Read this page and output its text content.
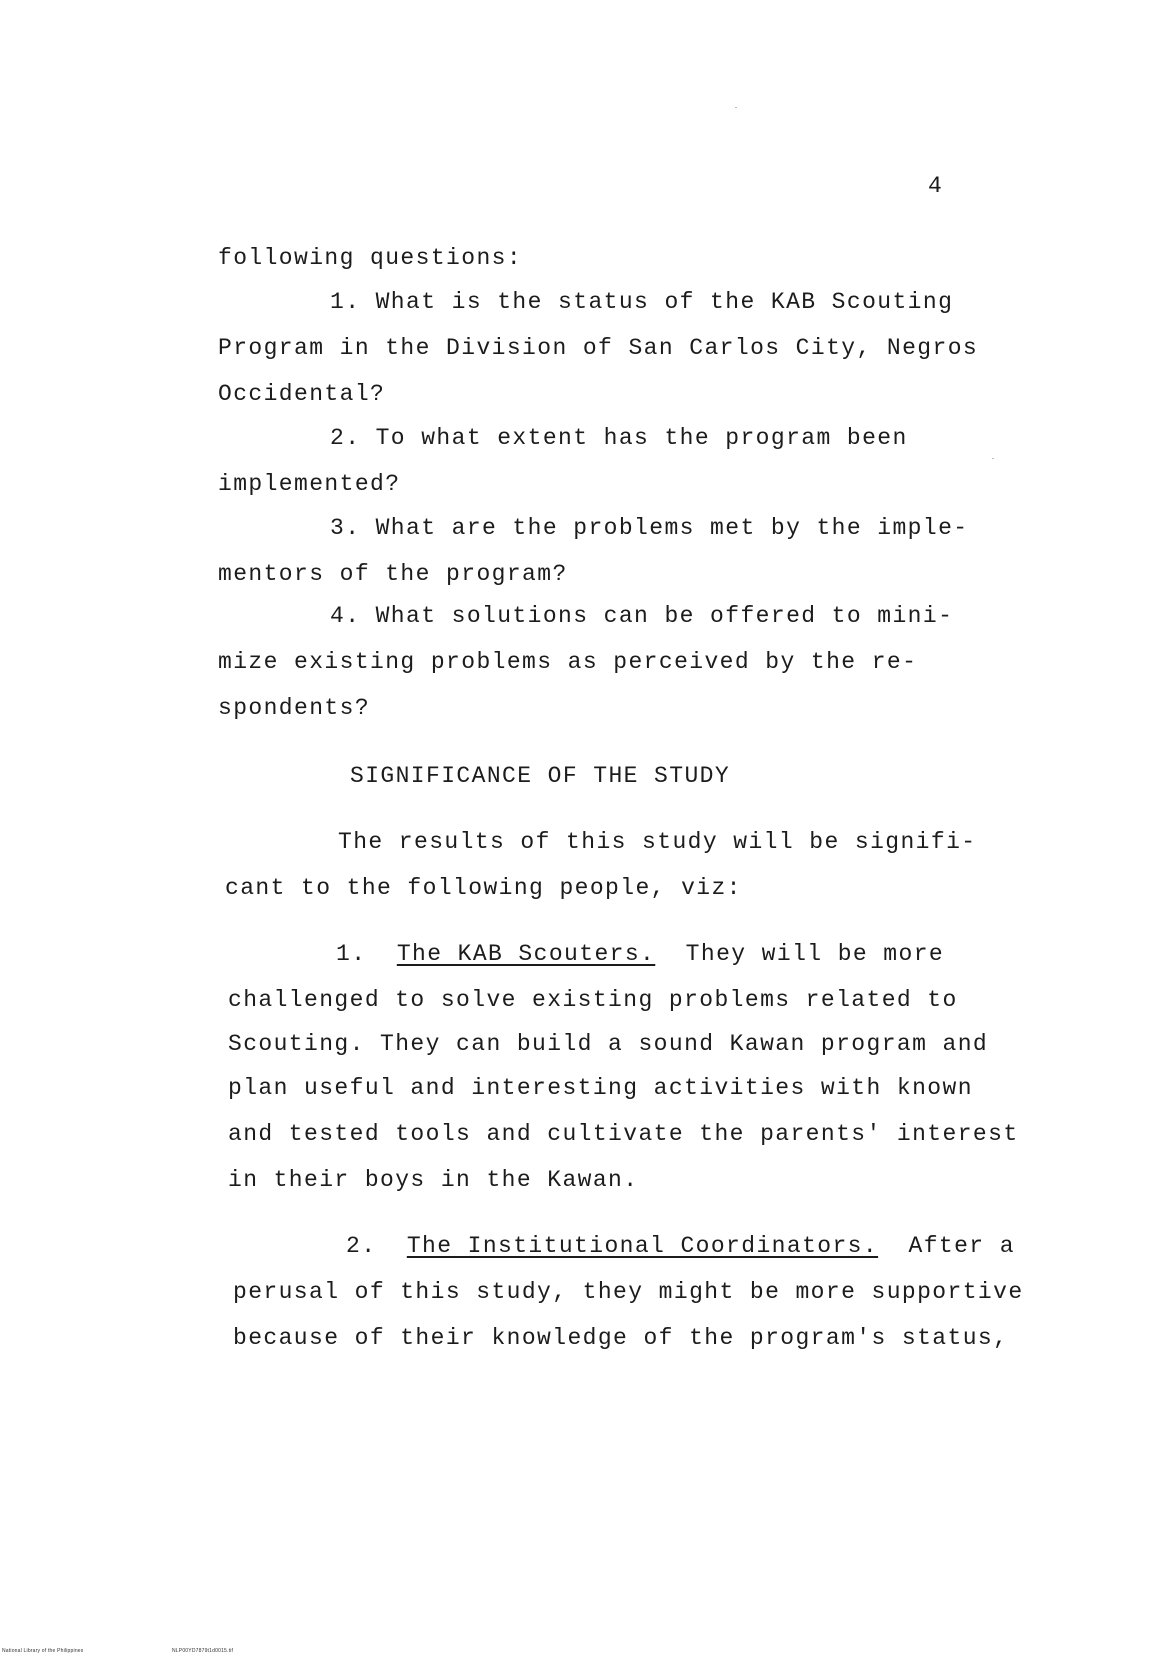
4
following questions:
1. What is the status of the KAB Scouting
Program in the Division of San Carlos City, Negros
Occidental?
2. To what extent has the program been
implemented?
3. What are the problems met by the imple-
mentors of the program?
4. What solutions can be offered to mini-
mize existing problems as perceived by the re-
spondents?
SIGNIFICANCE OF THE STUDY
The results of this study will be signifi-
cant to the following people, viz:
1. The KAB Scouters. They will be more
challenged to solve existing problems related to
Scouting. They can build a sound Kawan program and
plan useful and interesting activities with known
and tested tools and cultivate the parents' interest
in their boys in the Kawan.
2. The Institutional Coordinators. After a
perusal of this study, they might be more supportive
because of their knowledge of the program's status,
National Library of the Philippines	NLP00YD7879t1d0015.tif
